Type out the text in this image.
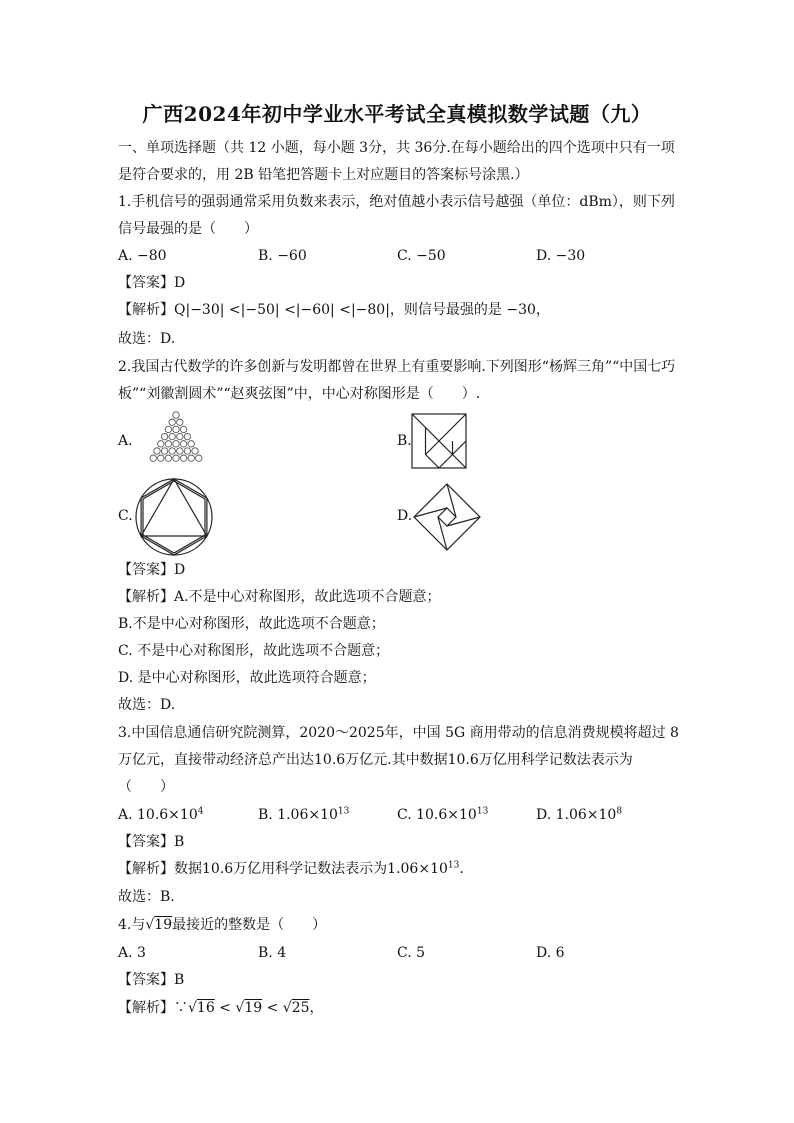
广西2024年初中学业水平考试全真模拟数学试题（九）
一、单项选择题（共 12 小题，每小题 3分，共 36分.在每小题给出的四个选项中只有一项
是符合要求的，用 2B 铅笔把答题卡上对应题目的答案标号涂黑.）
1.手机信号的强弱通常采用负数来表示，绝对值越小表示信号越强（单位：dBm），则下列
信号最强的是（　　）
A. −80	B. −60	C. −50	D. −30
【答案】D
【解析】Q|−30| <|−50| <|−60| <|−80|，则信号最强的是 −30，
故选：D.
2.我国古代数学的许多创新与发明都曾在世界上有重要影响.下列图形“杨辉三角”“中国七巧
板”“刘徽割圆术”“赵爽弦图”中，中心对称图形是（　　）.
A.	B.
C.	D.
【答案】D
【解析】A.不是中心对称图形，故此选项不合题意；
B.不是中心对称图形，故此选项不合题意；
C. 不是中心对称图形，故此选项不合题意；
D. 是中心对称图形，故此选项符合题意；
故选：D.
3.中国信息通信研究院测算，2020～2025年，中国 5G 商用带动的信息消费规模将超过 8
万亿元，直接带动经济总产出达10.6万亿元.其中数据10.6万亿用科学记数法表示为
（　　）
A. $10.6\times 10^4$	B. $1.06\times 10^{13}$	C. $10.6\times 10^{13}$	D. $1.06\times 10^8$
【答案】B
【解析】数据10.6万亿用科学记数法表示为$1.06\times 10^{13}$.
故选：B.
4.与√19最接近的整数是（　　）
A. 3	B. 4	C. 5	D. 6
【答案】B
【解析】∵√16 < √19 < √25，
